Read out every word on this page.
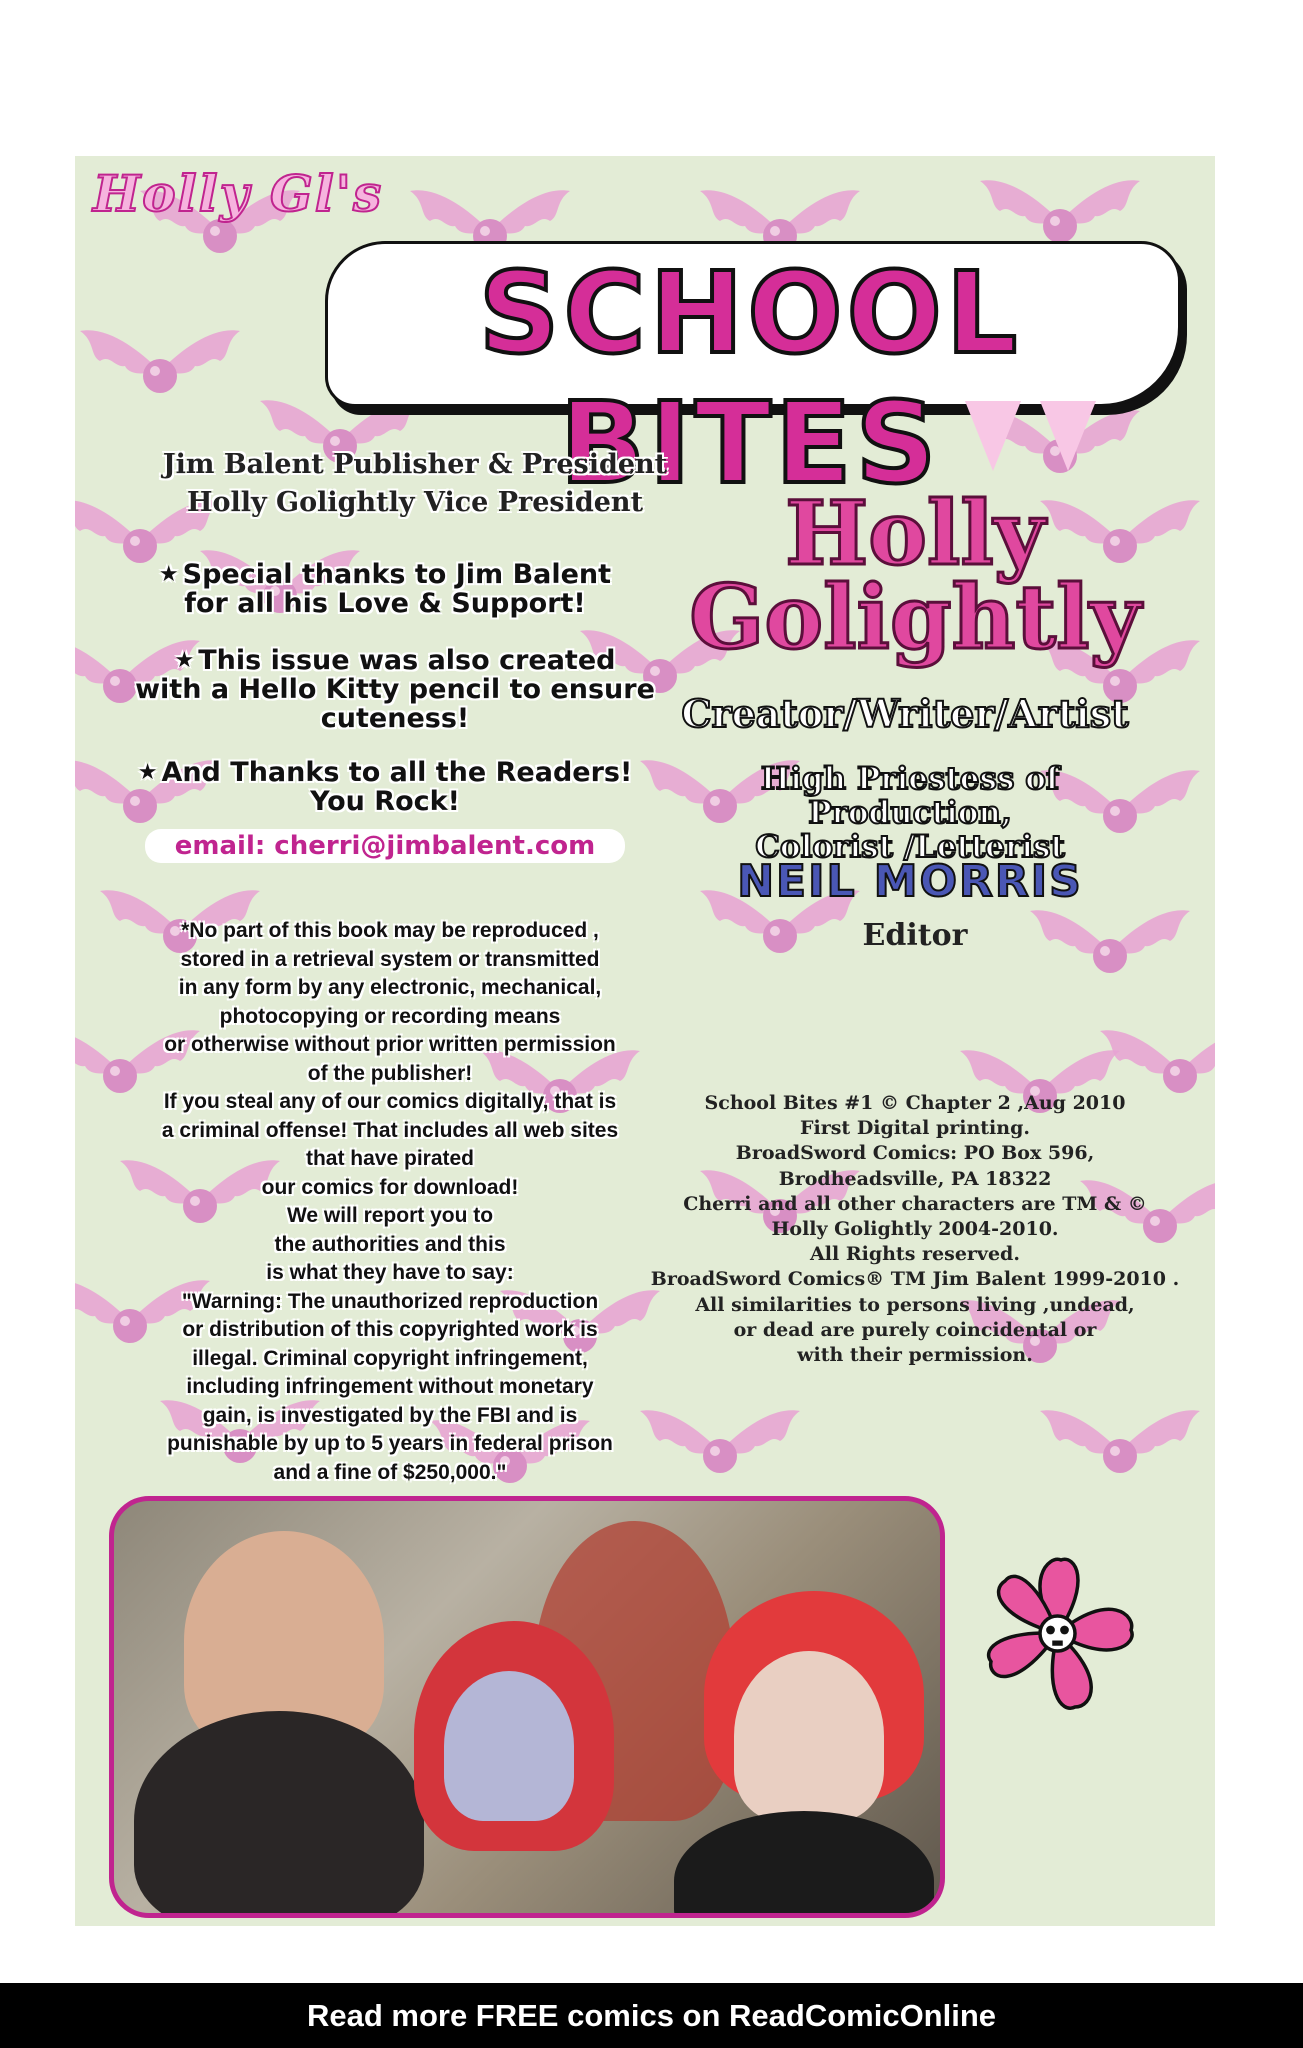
Holly Gl's
SCHOOL BITES
Jim Balent Publisher & President
Holly Golightly Vice President
★ Special thanks to Jim Balent
for all his Love & Support!
★ This issue was also created
with a Hello Kitty pencil to ensure
cuteness!
★ And Thanks to all the Readers!
You Rock!
email: cherri@jimbalent.com
*No part of this book may be reproduced ,
stored in a retrieval system or transmitted
in any form by any electronic, mechanical,
photocopying or recording means
or otherwise without prior written permission
of the publisher!
If you steal any of our comics digitally, that is
a criminal offense! That includes all web sites
that have pirated
our comics for download!
We will report you to
the authorities and this
is what they have to say:
"Warning: The unauthorized reproduction
or distribution of this copyrighted work is
illegal. Criminal copyright infringement,
including infringement without monetary
gain, is investigated by the FBI and is
punishable by up to 5 years in federal prison
and a fine of $250,000."
Holly
Golightly
Creator/Writer/Artist
High Priestess of Production,
Colorist /Letterist
NEIL MORRIS
Editor
School Bites #1 © Chapter 2 ,Aug 2010
First Digital printing.
BroadSword Comics: PO Box 596,
Brodheadsville, PA 18322
Cherri and all other characters are TM & ©
Holly Golightly 2004-2010.
All Rights reserved.
BroadSword Comics® TM Jim Balent 1999-2010 .
All similarities to persons living ,undead,
or dead are purely coincidental or
with their permission.
Read more FREE comics on ReadComicOnline
